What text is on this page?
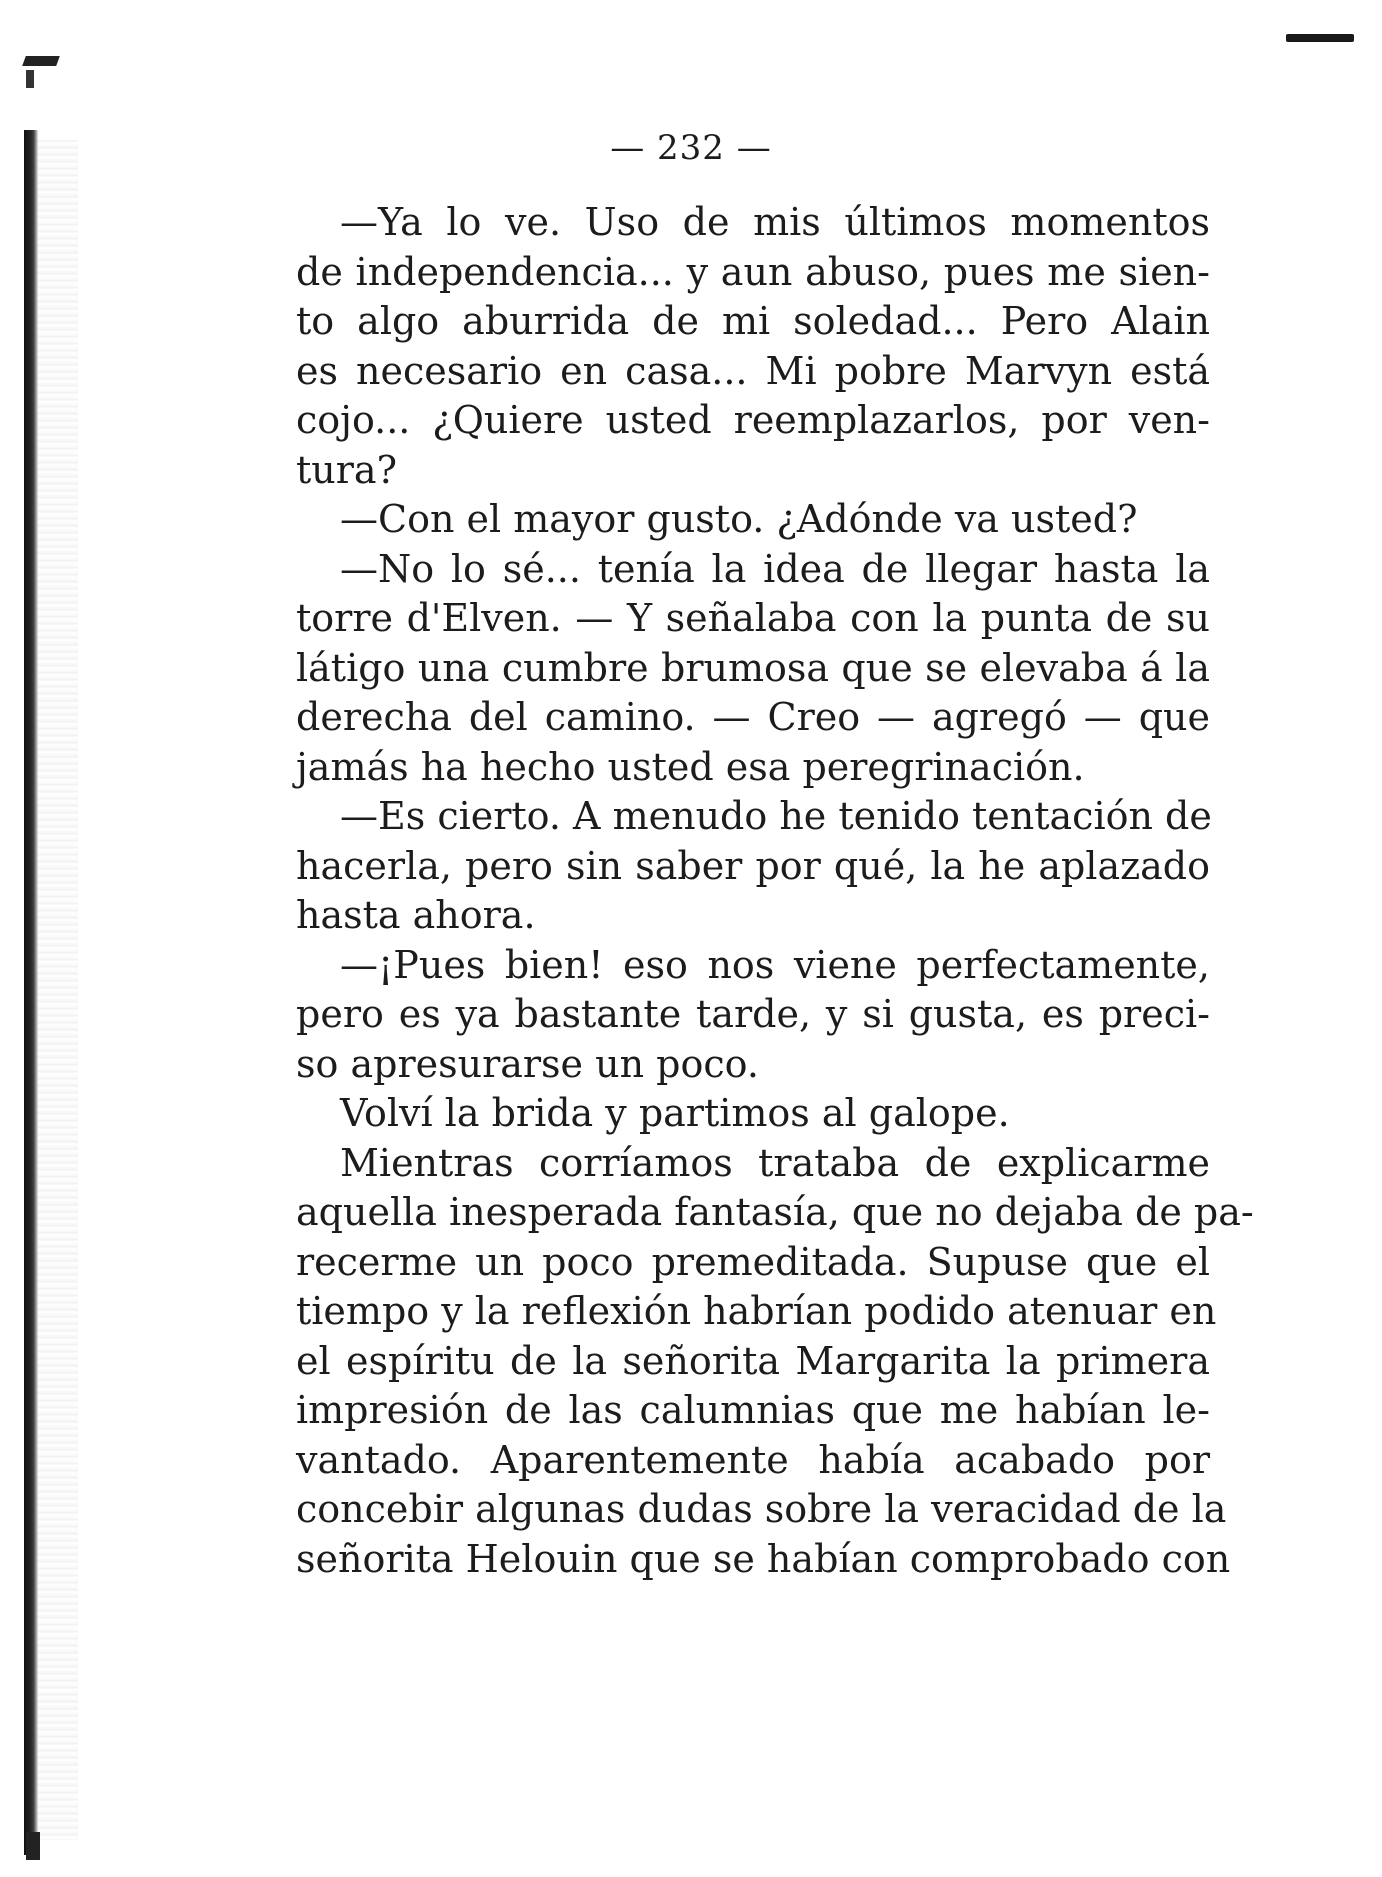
— 232 —
—Ya lo ve. Uso de mis últimos momentos
de independencia... y aun abuso, pues me sien-
to algo aburrida de mi soledad... Pero Alain
es necesario en casa... Mi pobre Marvyn está
cojo... ¿Quiere usted reemplazarlos, por ven-
tura?
—Con el mayor gusto. ¿Adónde va usted?
—No lo sé... tenía la idea de llegar hasta la
torre d'Elven. — Y señalaba con la punta de su
látigo una cumbre brumosa que se elevaba á la
derecha del camino. — Creo — agregó — que
jamás ha hecho usted esa peregrinación.
—Es cierto. A menudo he tenido tentación de
hacerla, pero sin saber por qué, la he aplazado
hasta ahora.
—¡Pues bien! eso nos viene perfectamente,
pero es ya bastante tarde, y si gusta, es preci-
so apresurarse un poco.
Volví la brida y partimos al galope.
Mientras corríamos trataba de explicarme
aquella inesperada fantasía, que no dejaba de pa-
recerme un poco premeditada. Supuse que el
tiempo y la reflexión habrían podido atenuar en
el espíritu de la señorita Margarita la primera
impresión de las calumnias que me habían le-
vantado. Aparentemente había acabado por
concebir algunas dudas sobre la veracidad de la
señorita Helouin que se habían comprobado con
